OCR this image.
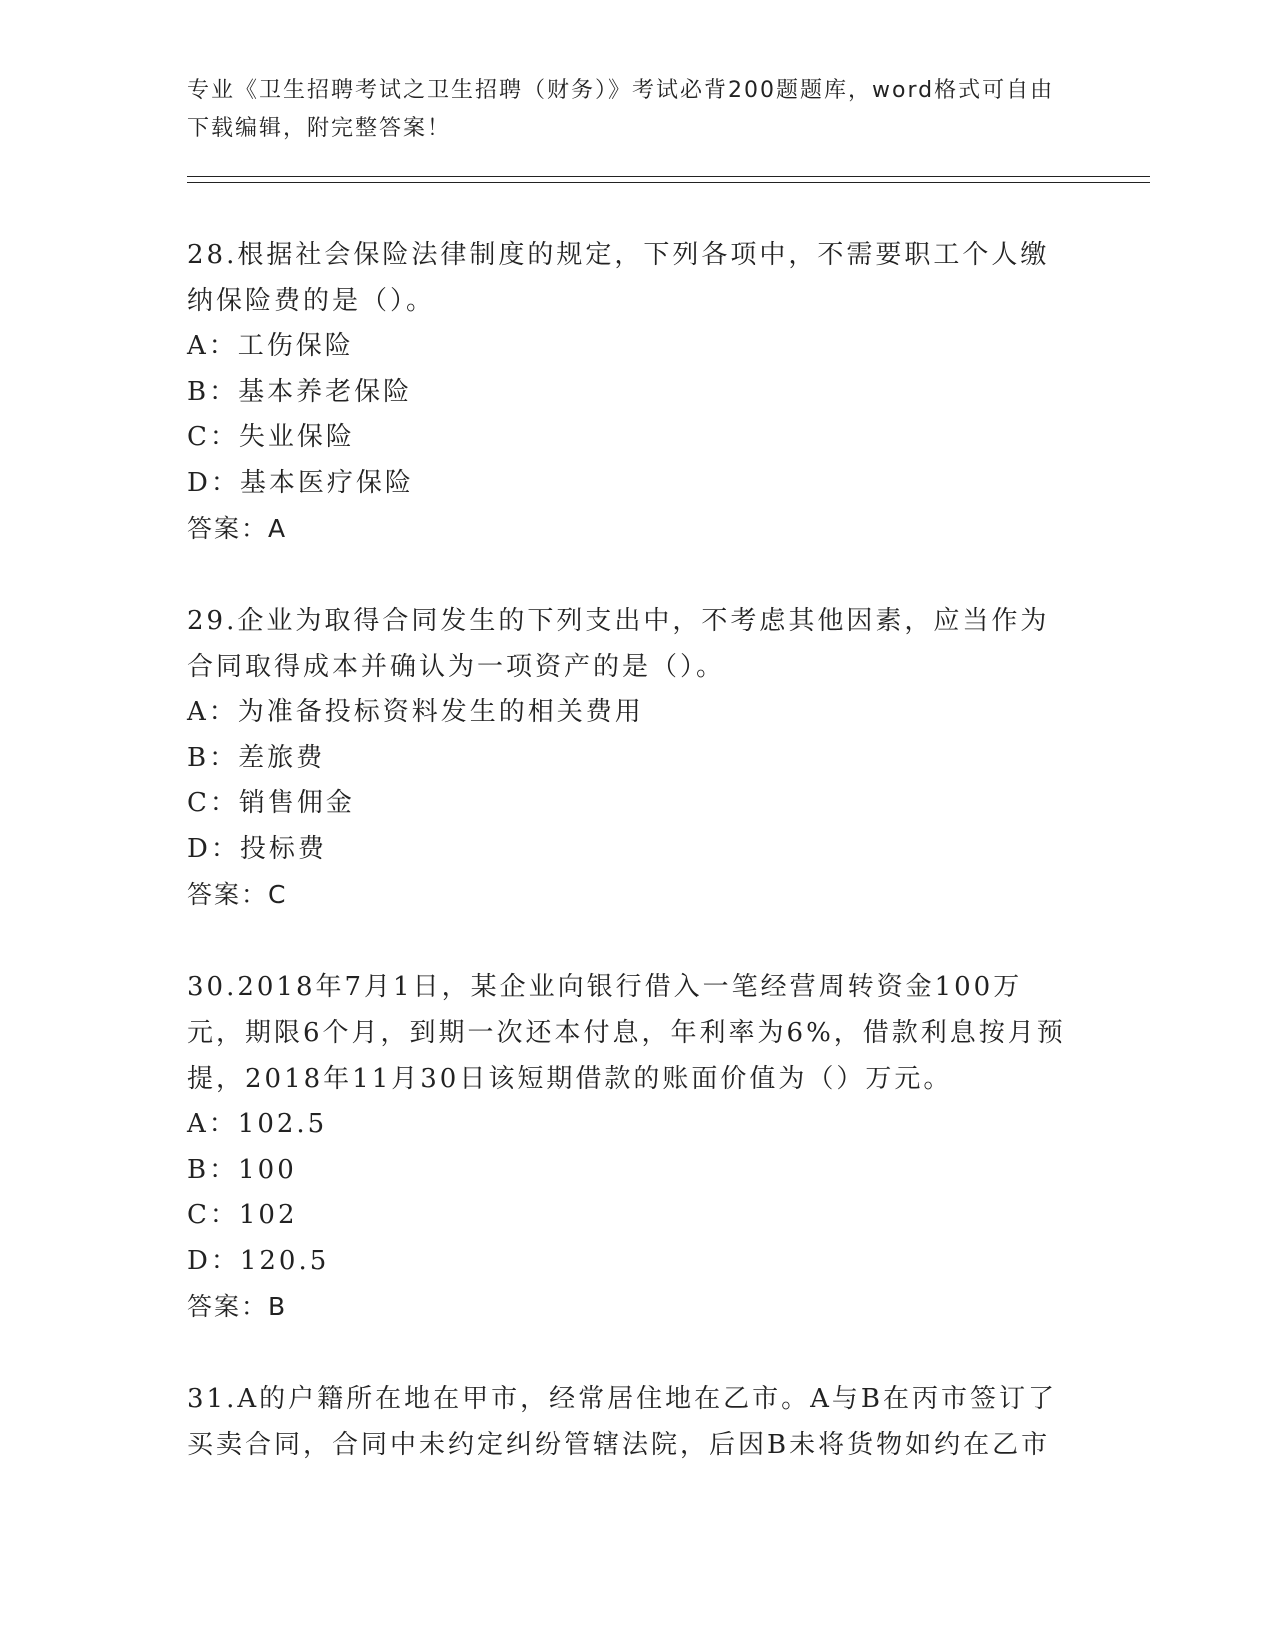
专业《卫生招聘考试之卫生招聘（财务）》考试必背200题题库，word格式可自由下载编辑，附完整答案！
28.根据社会保险法律制度的规定，下列各项中，不需要职工个人缴纳保险费的是（）。
A：工伤保险
B：基本养老保险
C：失业保险
D：基本医疗保险
答案：A
29.企业为取得合同发生的下列支出中，不考虑其他因素，应当作为合同取得成本并确认为一项资产的是（）。
A：为准备投标资料发生的相关费用
B：差旅费
C：销售佣金
D：投标费
答案：C
30.2018年7月1日，某企业向银行借入一笔经营周转资金100万元，期限6个月，到期一次还本付息，年利率为6%，借款利息按月预提，2018年11月30日该短期借款的账面价值为（）万元。
A：102.5
B：100
C：102
D：120.5
答案：B
31.A的户籍所在地在甲市，经常居住地在乙市。A与B在丙市签订了买卖合同，合同中未约定纠纷管辖法院，后因B未将货物如约在乙市
